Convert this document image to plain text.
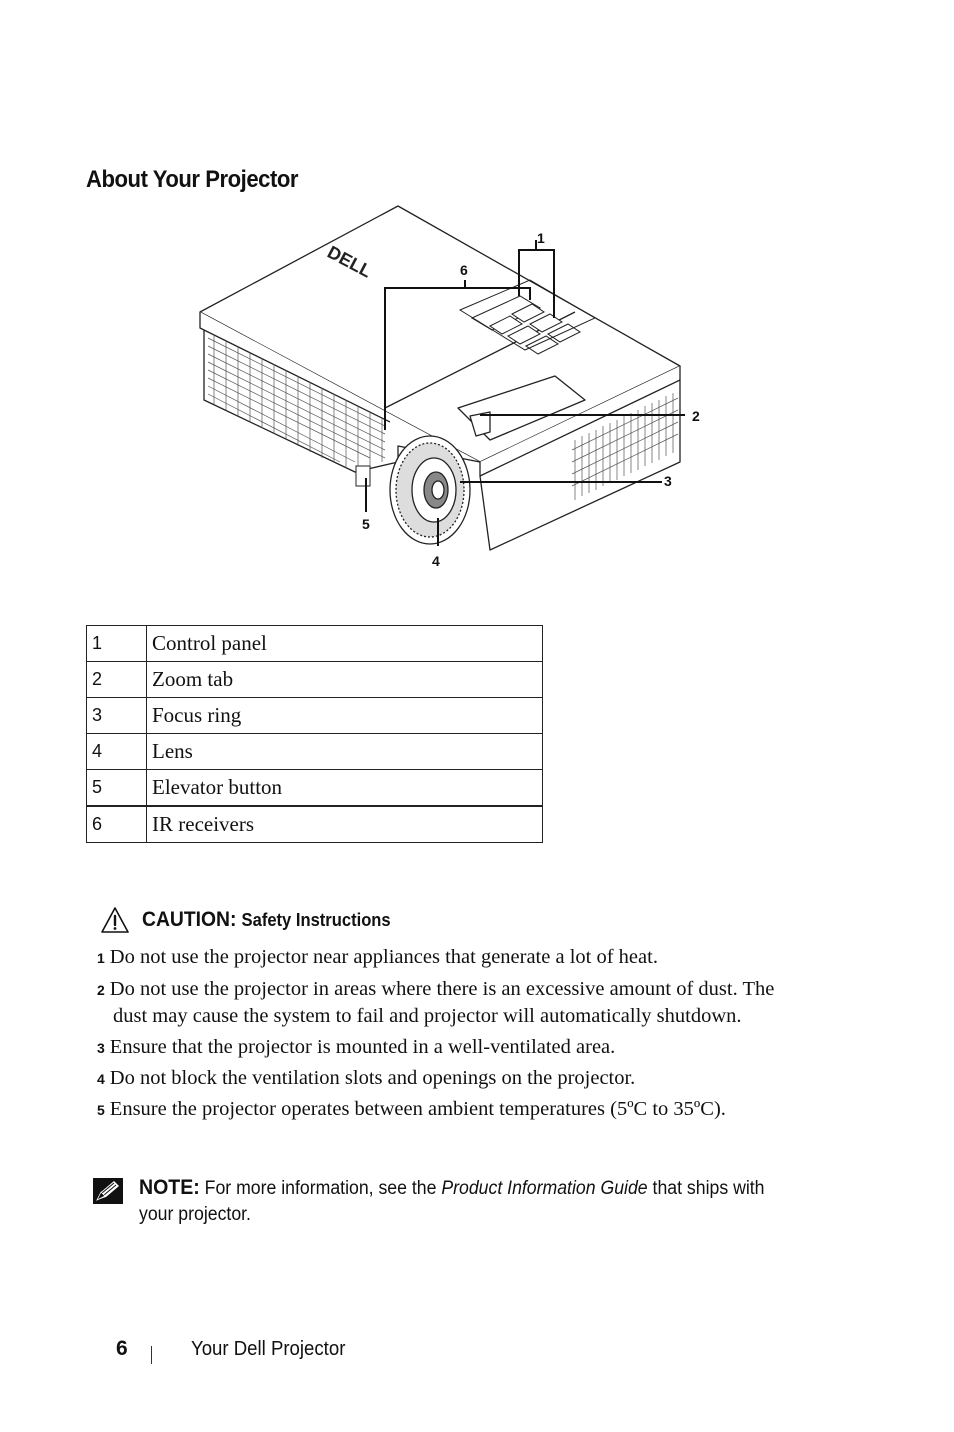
About Your Projector
DELL
1
6
2
3
5
4
1	Control panel
2	Zoom tab
3	Focus ring
4	Lens
5	Elevator button
6	IR receivers
CAUTION: Safety Instructions
1 Do not use the projector near appliances that generate a lot of heat.
2 Do not use the projector in areas where there is an excessive amount of dust. The
dust may cause the system to fail and projector will automatically shutdown.
3 Ensure that the projector is mounted in a well-ventilated area.
4 Do not block the ventilation slots and openings on the projector.
5 Ensure the projector operates between ambient temperatures (5ºC to 35ºC).
NOTE: For more information, see the Product Information Guide that ships with
your projector.
6	Your Dell Projector
